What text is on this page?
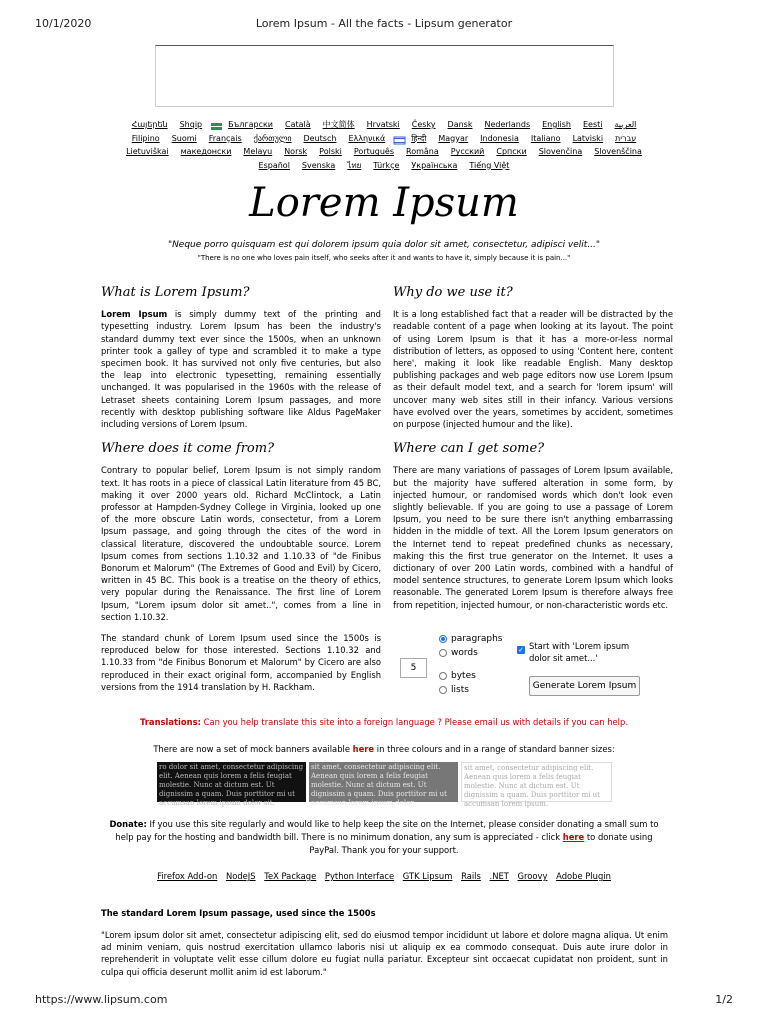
10/1/2020	Lorem Ipsum - All the facts - Lipsum generator
Հայերեն Shqip	‫العربيةБългарски Català 中文简体 Hrvatski Česky Dansk Nederlands English Eesti
Filipino Suomi Français ქართული Deutsch Ελληνικά	‫עבריתहिन्दी Magyar Indonesia Italiano Latviski
Lietuviškai македонски Melayu Norsk Polski Português Româna Pyccкий Српски Slovenčina Slovenščina
Español Svenska ไทย Türkçe Українська Tiếng Việt
Lorem Ipsum
"Neque porro quisquam est qui dolorem ipsum quia dolor sit amet, consectetur, adipisci velit..."
"There is no one who loves pain itself, who seeks after it and wants to have it, simply because it is pain..."
What is Lorem Ipsum?

Lorem Ipsum is simply dummy text of the printing and typesetting industry. Lorem Ipsum has been the industry's standard dummy text ever since the 1500s, when an unknown printer took a galley of type and scrambled it to make a type specimen book. It has survived not only five centuries, but also the leap into electronic typesetting, remaining essentially unchanged. It was popularised in the 1960s with the release of Letraset sheets containing Lorem Ipsum passages, and more recently with desktop publishing software like Aldus PageMaker including versions of Lorem Ipsum.

Where does it come from?

Contrary to popular belief, Lorem Ipsum is not simply random text. It has roots in a piece of classical Latin literature from 45 BC, making it over 2000 years old. Richard McClintock, a Latin professor at Hampden-Sydney College in Virginia, looked up one of the more obscure Latin words, consectetur, from a Lorem Ipsum passage, and going through the cites of the word in classical literature, discovered the undoubtable source. Lorem Ipsum comes from sections 1.10.32 and 1.10.33 of "de Finibus Bonorum et Malorum" (The Extremes of Good and Evil) by Cicero, written in 45 BC. This book is a treatise on the theory of ethics, very popular during the Renaissance. The first line of Lorem Ipsum, "Lorem ipsum dolor sit amet..", comes from a line in section 1.10.32.

The standard chunk of Lorem Ipsum used since the 1500s is reproduced below for those interested. Sections 1.10.32 and 1.10.33 from "de Finibus Bonorum et Malorum" by Cicero are also reproduced in their exact original form, accompanied by English versions from the 1914 translation by H. Rackham.

Why do we use it?

It is a long established fact that a reader will be distracted by the readable content of a page when looking at its layout. The point of using Lorem Ipsum is that it has a more-or-less normal distribution of letters, as opposed to using 'Content here, content here', making it look like readable English. Many desktop publishing packages and web page editors now use Lorem Ipsum as their default model text, and a search for 'lorem ipsum' will uncover many web sites still in their infancy. Various versions have evolved over the years, sometimes by accident, sometimes on purpose (injected humour and the like).

Where can I get some?

There are many variations of passages of Lorem Ipsum available, but the majority have suffered alteration in some form, by injected humour, or randomised words which don't look even slightly believable. If you are going to use a passage of Lorem Ipsum, you need to be sure there isn't anything embarrassing hidden in the middle of text. All the Lorem Ipsum generators on the Internet tend to repeat predefined chunks as necessary, making this the first true generator on the Internet. It uses a dictionary of over 200 Latin words, combined with a handful of model sentence structures, to generate Lorem Ipsum which looks reasonable. The generated Lorem Ipsum is therefore always free from repetition, injected humour, or non-characteristic words etc.

5
paragraphs
words
bytes
lists
✓ Start with 'Lorem ipsum dolor sit amet...'
Generate Lorem Ipsum
Translations: Can you help translate this site into a foreign language ? Please email us with details if you can help.
There are now a set of mock banners available here in three colours and in a range of standard banner sizes:
ro dolor sit amet, consectetur adipiscing elit. Aenean quis lorem a felis feugiat molestie. Nunc at dictum est. Ut dignissim a quam. Duis porttitor mi ut accumsan lorem ipsum dolor sit.
sit amet, consectetur adipiscing elit. Aenean quis lorem a felis feugiat molestie. Nunc at dictum est. Ut dignissim a quam. Duis porttitor mi ut accumsan lorem ipsum dolor.
sit amet, consectetur adipiscing elit. Aenean quis lorem a felis feugiat molestie. Nunc at dictum est. Ut dignissim a quam. Duis porttitor mi ut accumsan lorem ipsum.
Donate: If you use this site regularly and would like to help keep the site on the Internet, please consider donating a small sum to help pay for the hosting and bandwidth bill. There is no minimum donation, any sum is appreciated - click here to donate using PayPal. Thank you for your support.
Firefox Add-on NodeJS TeX Package Python Interface GTK Lipsum Rails .NET Groovy Adobe Plugin
The standard Lorem Ipsum passage, used since the 1500s
"Lorem ipsum dolor sit amet, consectetur adipiscing elit, sed do eiusmod tempor incididunt ut labore et dolore magna aliqua. Ut enim ad minim veniam, quis nostrud exercitation ullamco laboris nisi ut aliquip ex ea commodo consequat. Duis aute irure dolor in reprehenderit in voluptate velit esse cillum dolore eu fugiat nulla pariatur. Excepteur sint occaecat cupidatat non proident, sunt in culpa qui officia deserunt mollit anim id est laborum."
https://www.lipsum.com	1/2
